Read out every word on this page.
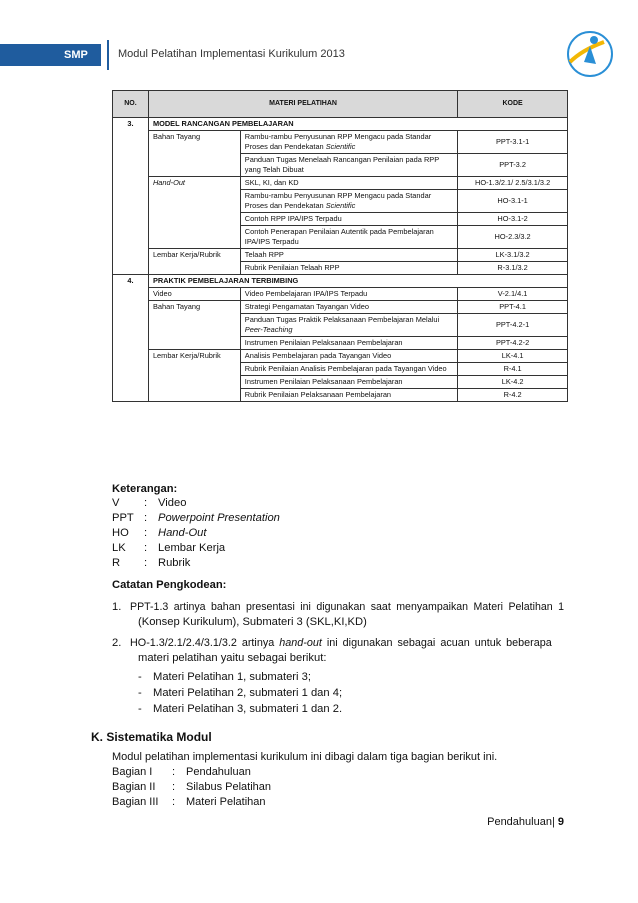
SMP	Modul Pelatihan Implementasi Kurikulum 2013
NO.	MATERI PELATIHAN		KODE
3.	MODEL RANCANGAN PEMBELAJARAN		
	Bahan Tayang	Rambu-rambu Penyusunan RPP Mengacu pada Standar Proses dan Pendekatan Scientific	PPT-3.1-1
		Panduan Tugas Menelaah Rancangan Penilaian pada RPP yang Telah Dibuat	PPT-3.2
	Hand-Out	SKL, KI, dan KD	HO-1.3/2.1/ 2.5/3.1/3.2
		Rambu-rambu Penyusunan RPP Mengacu pada Standar Proses dan Pendekatan Scientific	HO-3.1-1
		Contoh RPP IPA/IPS Terpadu	HO-3.1-2
		Contoh Penerapan Penilaian Autentik pada Pembelajaran IPA/IPS Terpadu	HO-2.3/3.2
	Lembar Kerja/Rubrik	Telaah RPP	LK-3.1/3.2
		Rubrik Penilaian Telaah RPP	R-3.1/3.2
4.	PRAKTIK PEMBELAJARAN TERBIMBING		
	Video	Video Pembelajaran IPA/IPS Terpadu	V-2.1/4.1
	Bahan Tayang	Strategi Pengamatan Tayangan Video	PPT-4.1
		Panduan Tugas Praktik Pelaksanaan Pembelajaran Melalui Peer-Teaching	PPT-4.2-1
		Instrumen Penilaian Pelaksanaan Pembelajaran	PPT-4.2-2
	Lembar Kerja/Rubrik	Analisis Pembelajaran pada Tayangan Video	LK-4.1
		Rubrik Penilaian Analisis Pembelajaran pada Tayangan Video	R-4.1
		Instrumen Penilaian Pelaksanaan Pembelajaran	LK-4.2
		Rubrik Penilaian Pelaksanaan Pembelajaran	R-4.2
Keterangan:
V : Video
PPT : Powerpoint Presentation
HO : Hand-Out
LK : Lembar Kerja
R : Rubrik
Catatan Pengkodean:
1. PPT-1.3 artinya bahan presentasi ini digunakan saat menyampaikan Materi Pelatihan 1
(Konsep Kurikulum), Submateri 3 (SKL,KI,KD)
2. HO-1.3/2.1/2.4/3.1/3.2 artinya hand-out ini digunakan sebagai acuan untuk beberapa
materi pelatihan yaitu sebagai berikut:
- Materi Pelatihan 1, submateri 3;
- Materi Pelatihan 2, submateri 1 dan 4;
- Materi Pelatihan 3, submateri 1 dan 2.
K. Sistematika Modul
Modul pelatihan implementasi kurikulum ini dibagi dalam tiga bagian berikut ini.
Bagian I : Pendahuluan
Bagian II : Silabus Pelatihan
Bagian III : Materi Pelatihan
Pendahuluan| 9
